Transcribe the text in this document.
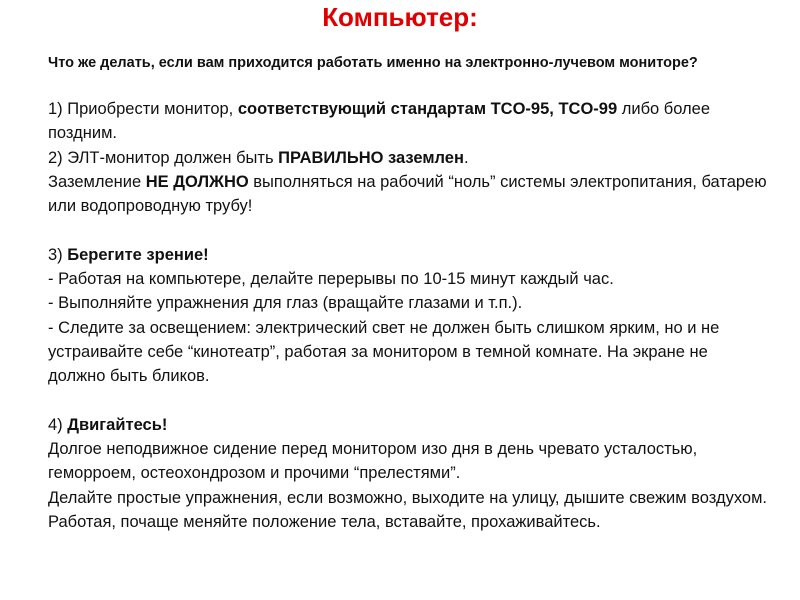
Компьютер:

Что же делать, если вам приходится работать именно на электронно-лучевом мониторе?

1) Приобрести монитор, соответствующий стандартам TCO-95, TCO-99 либо более поздним.

2) ЭЛТ-монитор должен быть ПРАВИЛЬНО заземлен.

Заземление НЕ ДОЛЖНО выполняться на рабочий “ноль” системы электропитания, батарею или водопроводную трубу!

3) Берегите зрение!

- Работая на компьютере, делайте перерывы по 10-15 минут каждый час.

- Выполняйте упражнения для глаз (вращайте глазами и т.п.).

- Следите за освещением: электрический свет не должен быть слишком ярким, но и не устраивайте себе “кинотеатр”, работая за монитором в темной комнате. На экране не должно быть бликов.

4) Двигайтесь!

Долгое неподвижное сидение перед монитором изо дня в день чревато усталостью, геморроем, остеохондрозом и прочими “прелестями”.

Делайте простые упражнения, если возможно, выходите на улицу, дышите свежим воздухом. Работая, почаще меняйте положение тела, вставайте, прохаживайтесь.
